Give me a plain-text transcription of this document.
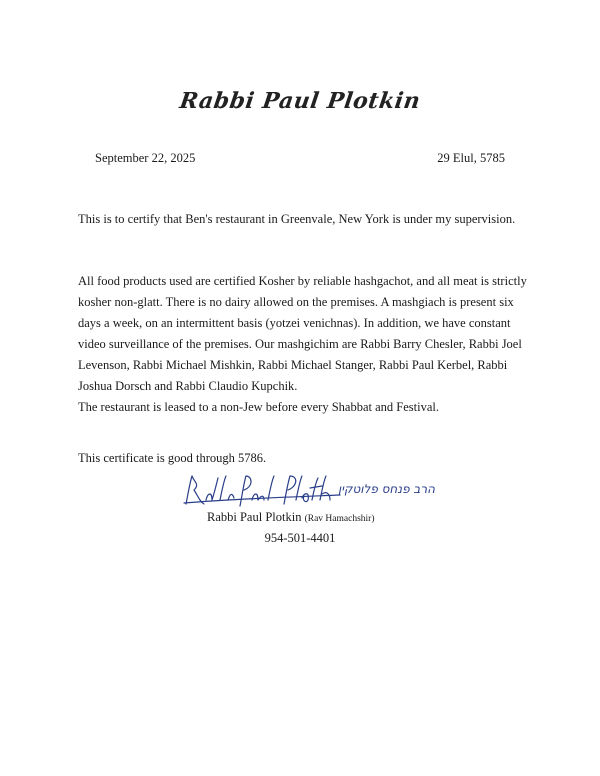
Rabbi Paul Plotkin
September 22, 2025	29 Elul, 5785
This is to certify that Ben's restaurant in Greenvale, New York is under my supervision.
All food products used are certified Kosher by reliable hashgachot, and all meat is strictly kosher non-glatt. There is no dairy allowed on the premises. A mashgiach is present six days a week, on an intermittent basis (yotzei venichnas). In addition, we have constant video surveillance of the premises. Our mashgichim are Rabbi Barry Chesler, Rabbi Joel Levenson, Rabbi Michael Mishkin, Rabbi Michael Stanger, Rabbi Paul Kerbel, Rabbi Joshua Dorsch and Rabbi Claudio Kupchik.
The restaurant is leased to a non-Jew before every Shabbat and Festival.
This certificate is good through 5786.
הרב פנחס פלוטקין
Rabbi Paul Plotkin (Rav Hamachshir)
954-501-4401
